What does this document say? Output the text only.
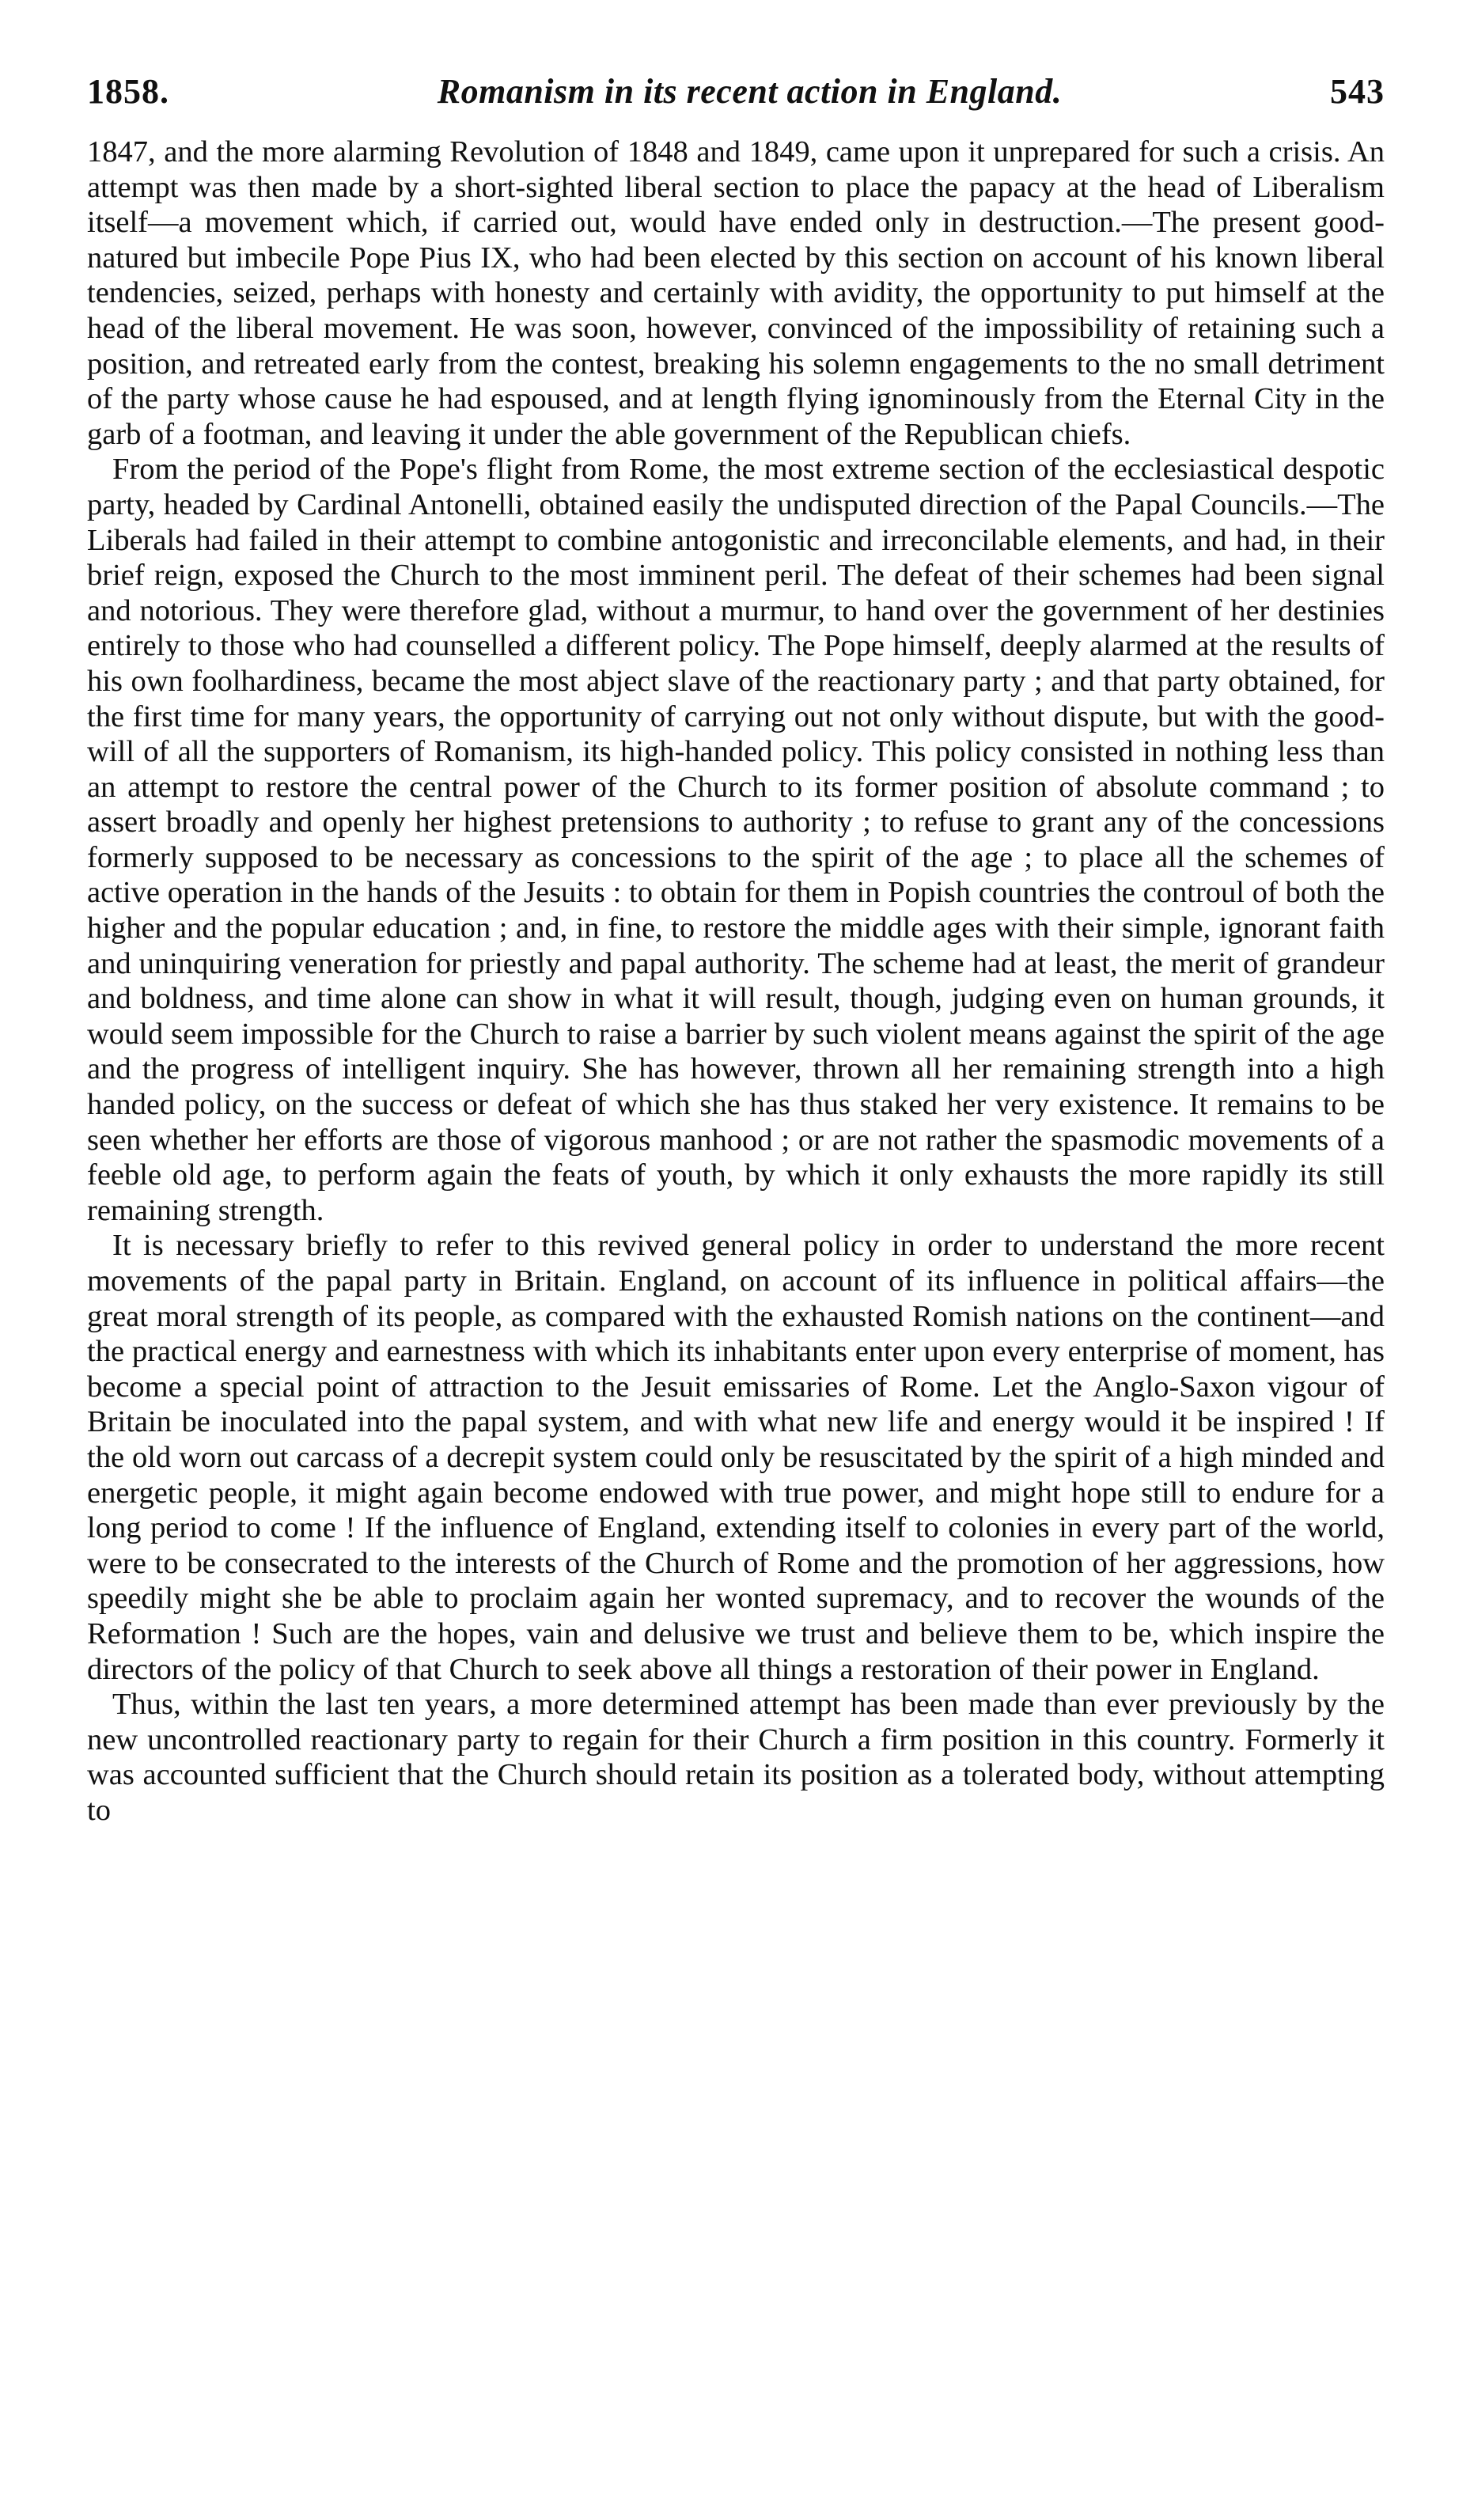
1858.	Romanism in its recent action in England.	543

1847, and the more alarming Revolution of 1848 and 1849, came upon it unprepared for such a crisis. An attempt was then made by a short-sighted liberal section to place the papacy at the head of Liberalism itself—a movement which, if carried out, would have ended only in destruction.—The present good-natured but imbecile Pope Pius IX, who had been elected by this section on account of his known liberal tendencies, seized, perhaps with honesty and certainly with avidity, the opportunity to put himself at the head of the liberal movement. He was soon, however, convinced of the impossibility of retaining such a position, and retreated early from the contest, breaking his solemn engagements to the no small detriment of the party whose cause he had espoused, and at length flying ignominously from the Eternal City in the garb of a footman, and leaving it under the able government of the Republican chiefs.

From the period of the Pope's flight from Rome, the most extreme section of the ecclesiastical despotic party, headed by Cardinal Antonelli, obtained easily the undisputed direction of the Papal Councils.—The Liberals had failed in their attempt to combine antogonistic and irreconcilable elements, and had, in their brief reign, exposed the Church to the most imminent peril. The defeat of their schemes had been signal and notorious. They were therefore glad, without a murmur, to hand over the government of her destinies entirely to those who had counselled a different policy. The Pope himself, deeply alarmed at the results of his own foolhardiness, became the most abject slave of the reactionary party ; and that party obtained, for the first time for many years, the opportunity of carrying out not only without dispute, but with the good-will of all the supporters of Romanism, its high-handed policy. This policy consisted in nothing less than an attempt to restore the central power of the Church to its former position of absolute command ; to assert broadly and openly her highest pretensions to authority ; to refuse to grant any of the concessions formerly supposed to be necessary as concessions to the spirit of the age ; to place all the schemes of active operation in the hands of the Jesuits : to obtain for them in Popish countries the controul of both the higher and the popular education ; and, in fine, to restore the middle ages with their simple, ignorant faith and uninquiring veneration for priestly and papal authority. The scheme had at least, the merit of grandeur and boldness, and time alone can show in what it will result, though, judging even on human grounds, it would seem impossible for the Church to raise a barrier by such violent means against the spirit of the age and the progress of intelligent inquiry. She has however, thrown all her remaining strength into a high handed policy, on the success or defeat of which she has thus staked her very existence. It remains to be seen whether her efforts are those of vigorous manhood ; or are not rather the spasmodic movements of a feeble old age, to perform again the feats of youth, by which it only exhausts the more rapidly its still remaining strength.

It is necessary briefly to refer to this revived general policy in order to understand the more recent movements of the papal party in Britain. England, on account of its influence in political affairs—the great moral strength of its people, as compared with the exhausted Romish nations on the continent—and the practical energy and earnestness with which its inhabitants enter upon every enterprise of moment, has become a special point of attraction to the Jesuit emissaries of Rome. Let the Anglo-Saxon vigour of Britain be inoculated into the papal system, and with what new life and energy would it be inspired ! If the old worn out carcass of a decrepit system could only be resuscitated by the spirit of a high minded and energetic people, it might again become endowed with true power, and might hope still to endure for a long period to come ! If the influence of England, extending itself to colonies in every part of the world, were to be consecrated to the interests of the Church of Rome and the promotion of her aggressions, how speedily might she be able to proclaim again her wonted supremacy, and to recover the wounds of the Reformation ! Such are the hopes, vain and delusive we trust and believe them to be, which inspire the directors of the policy of that Church to seek above all things a restoration of their power in England.

Thus, within the last ten years, a more determined attempt has been made than ever previously by the new uncontrolled reactionary party to regain for their Church a firm position in this country. Formerly it was accounted sufficient that the Church should retain its position as a tolerated body, without attempting to
